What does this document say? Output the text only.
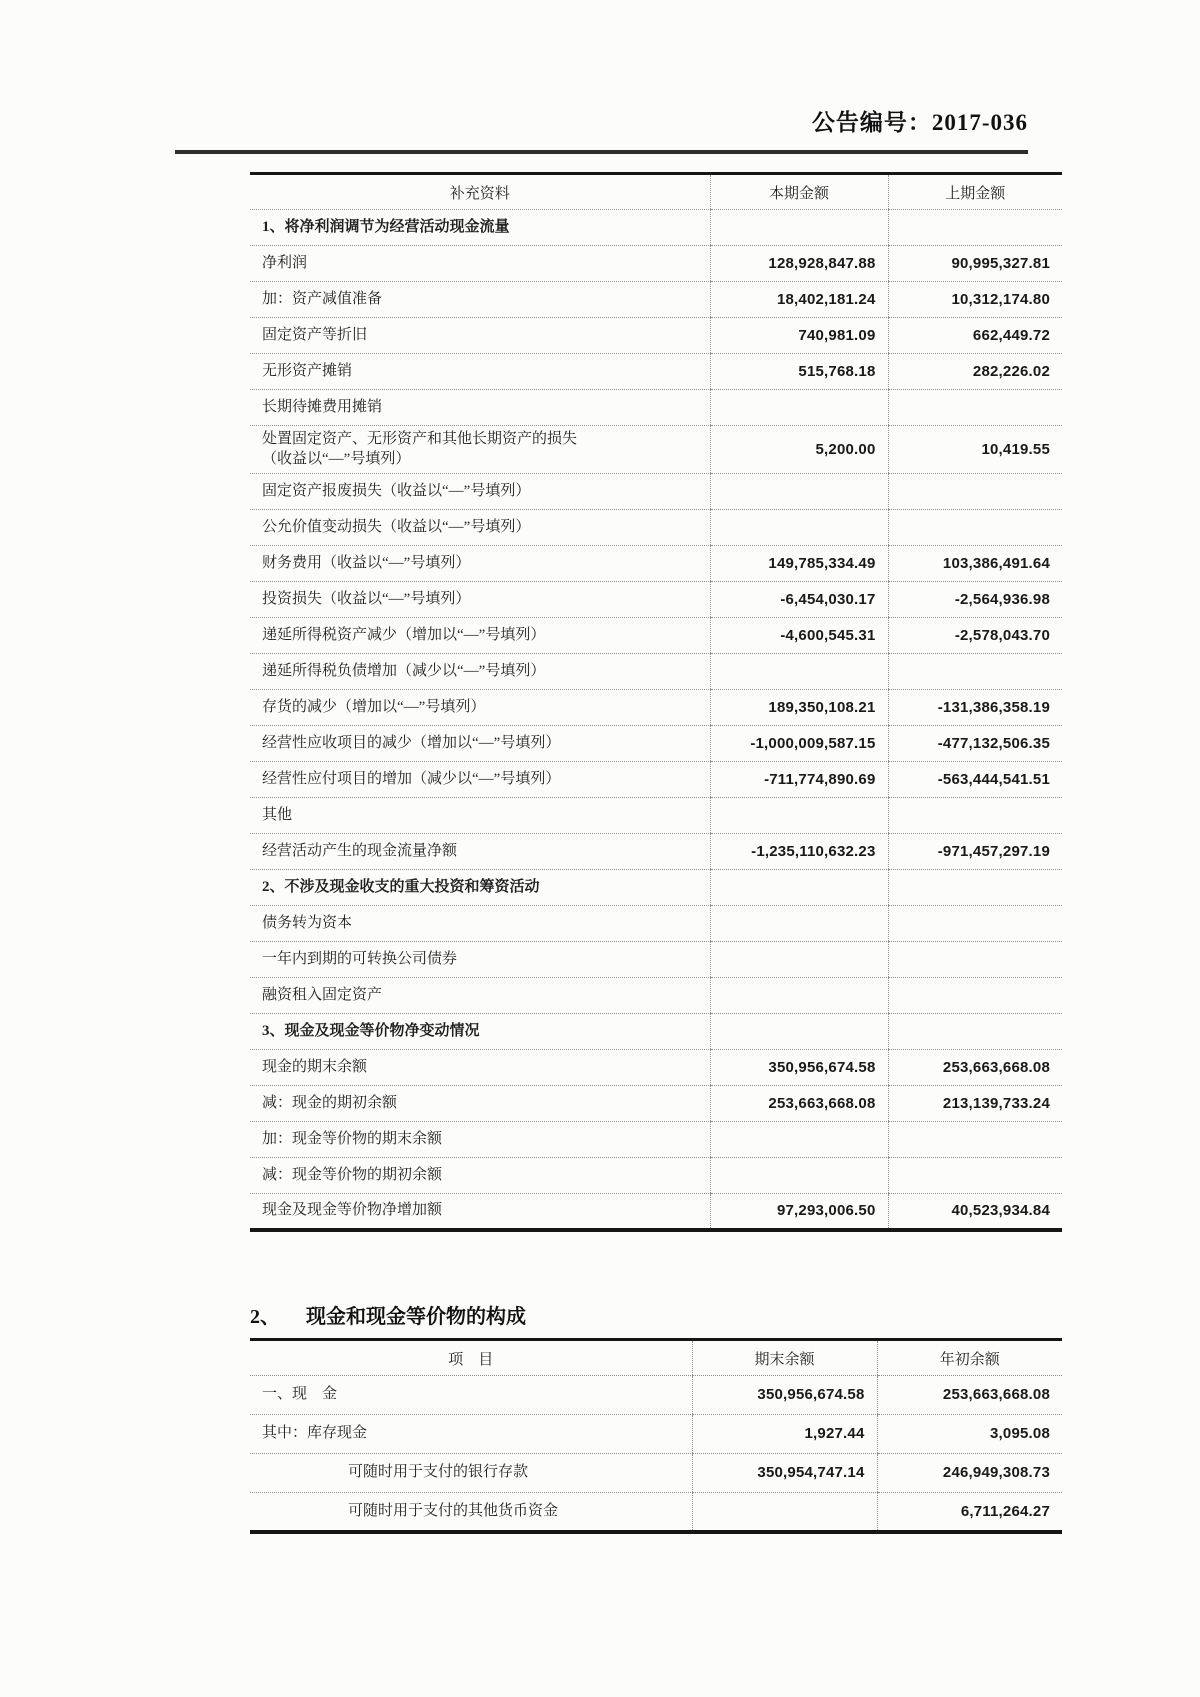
公告编号：2017-036
补充资料	本期金额	上期金额

1、将净利润调节为经营活动现金流量		

净利润	128,928,847.88	90,995,327.81

加：资产减值准备	18,402,181.24	10,312,174.80

固定资产等折旧	740,981.09	662,449.72

无形资产摊销	515,768.18	282,226.02

长期待摊费用摊销		

处置固定资产、无形资产和其他长期资产的损失
（收益以“—”号填列）	5,200.00	10,419.55

固定资产报废损失（收益以“—”号填列）		

公允价值变动损失（收益以“—”号填列）		

财务费用（收益以“—”号填列）	149,785,334.49	103,386,491.64

投资损失（收益以“—”号填列）	-6,454,030.17	-2,564,936.98

递延所得税资产减少（增加以“—”号填列）	-4,600,545.31	-2,578,043.70

递延所得税负债增加（减少以“—”号填列）		

存货的减少（增加以“—”号填列）	189,350,108.21	-131,386,358.19

经营性应收项目的减少（增加以“—”号填列）	-1,000,009,587.15	-477,132,506.35

经营性应付项目的增加（减少以“—”号填列）	-711,774,890.69	-563,444,541.51

其他		

经营活动产生的现金流量净额	-1,235,110,632.23	-971,457,297.19

2、不涉及现金收支的重大投资和筹资活动		

债务转为资本		

一年内到期的可转换公司债券		

融资租入固定资产		

3、现金及现金等价物净变动情况		

现金的期末余额	350,956,674.58	253,663,668.08

减：现金的期初余额	253,663,668.08	213,139,733.24

加：现金等价物的期末余额		

减：现金等价物的期初余额		

现金及现金等价物净增加额	97,293,006.50	40,523,934.84
2、 现金和现金等价物的构成
项　目	期末余额	年初余额

一、现　金	350,956,674.58	253,663,668.08

其中：库存现金	1,927.44	3,095.08

可随时用于支付的银行存款	350,954,747.14	246,949,308.73

可随时用于支付的其他货币资金		6,711,264.27
